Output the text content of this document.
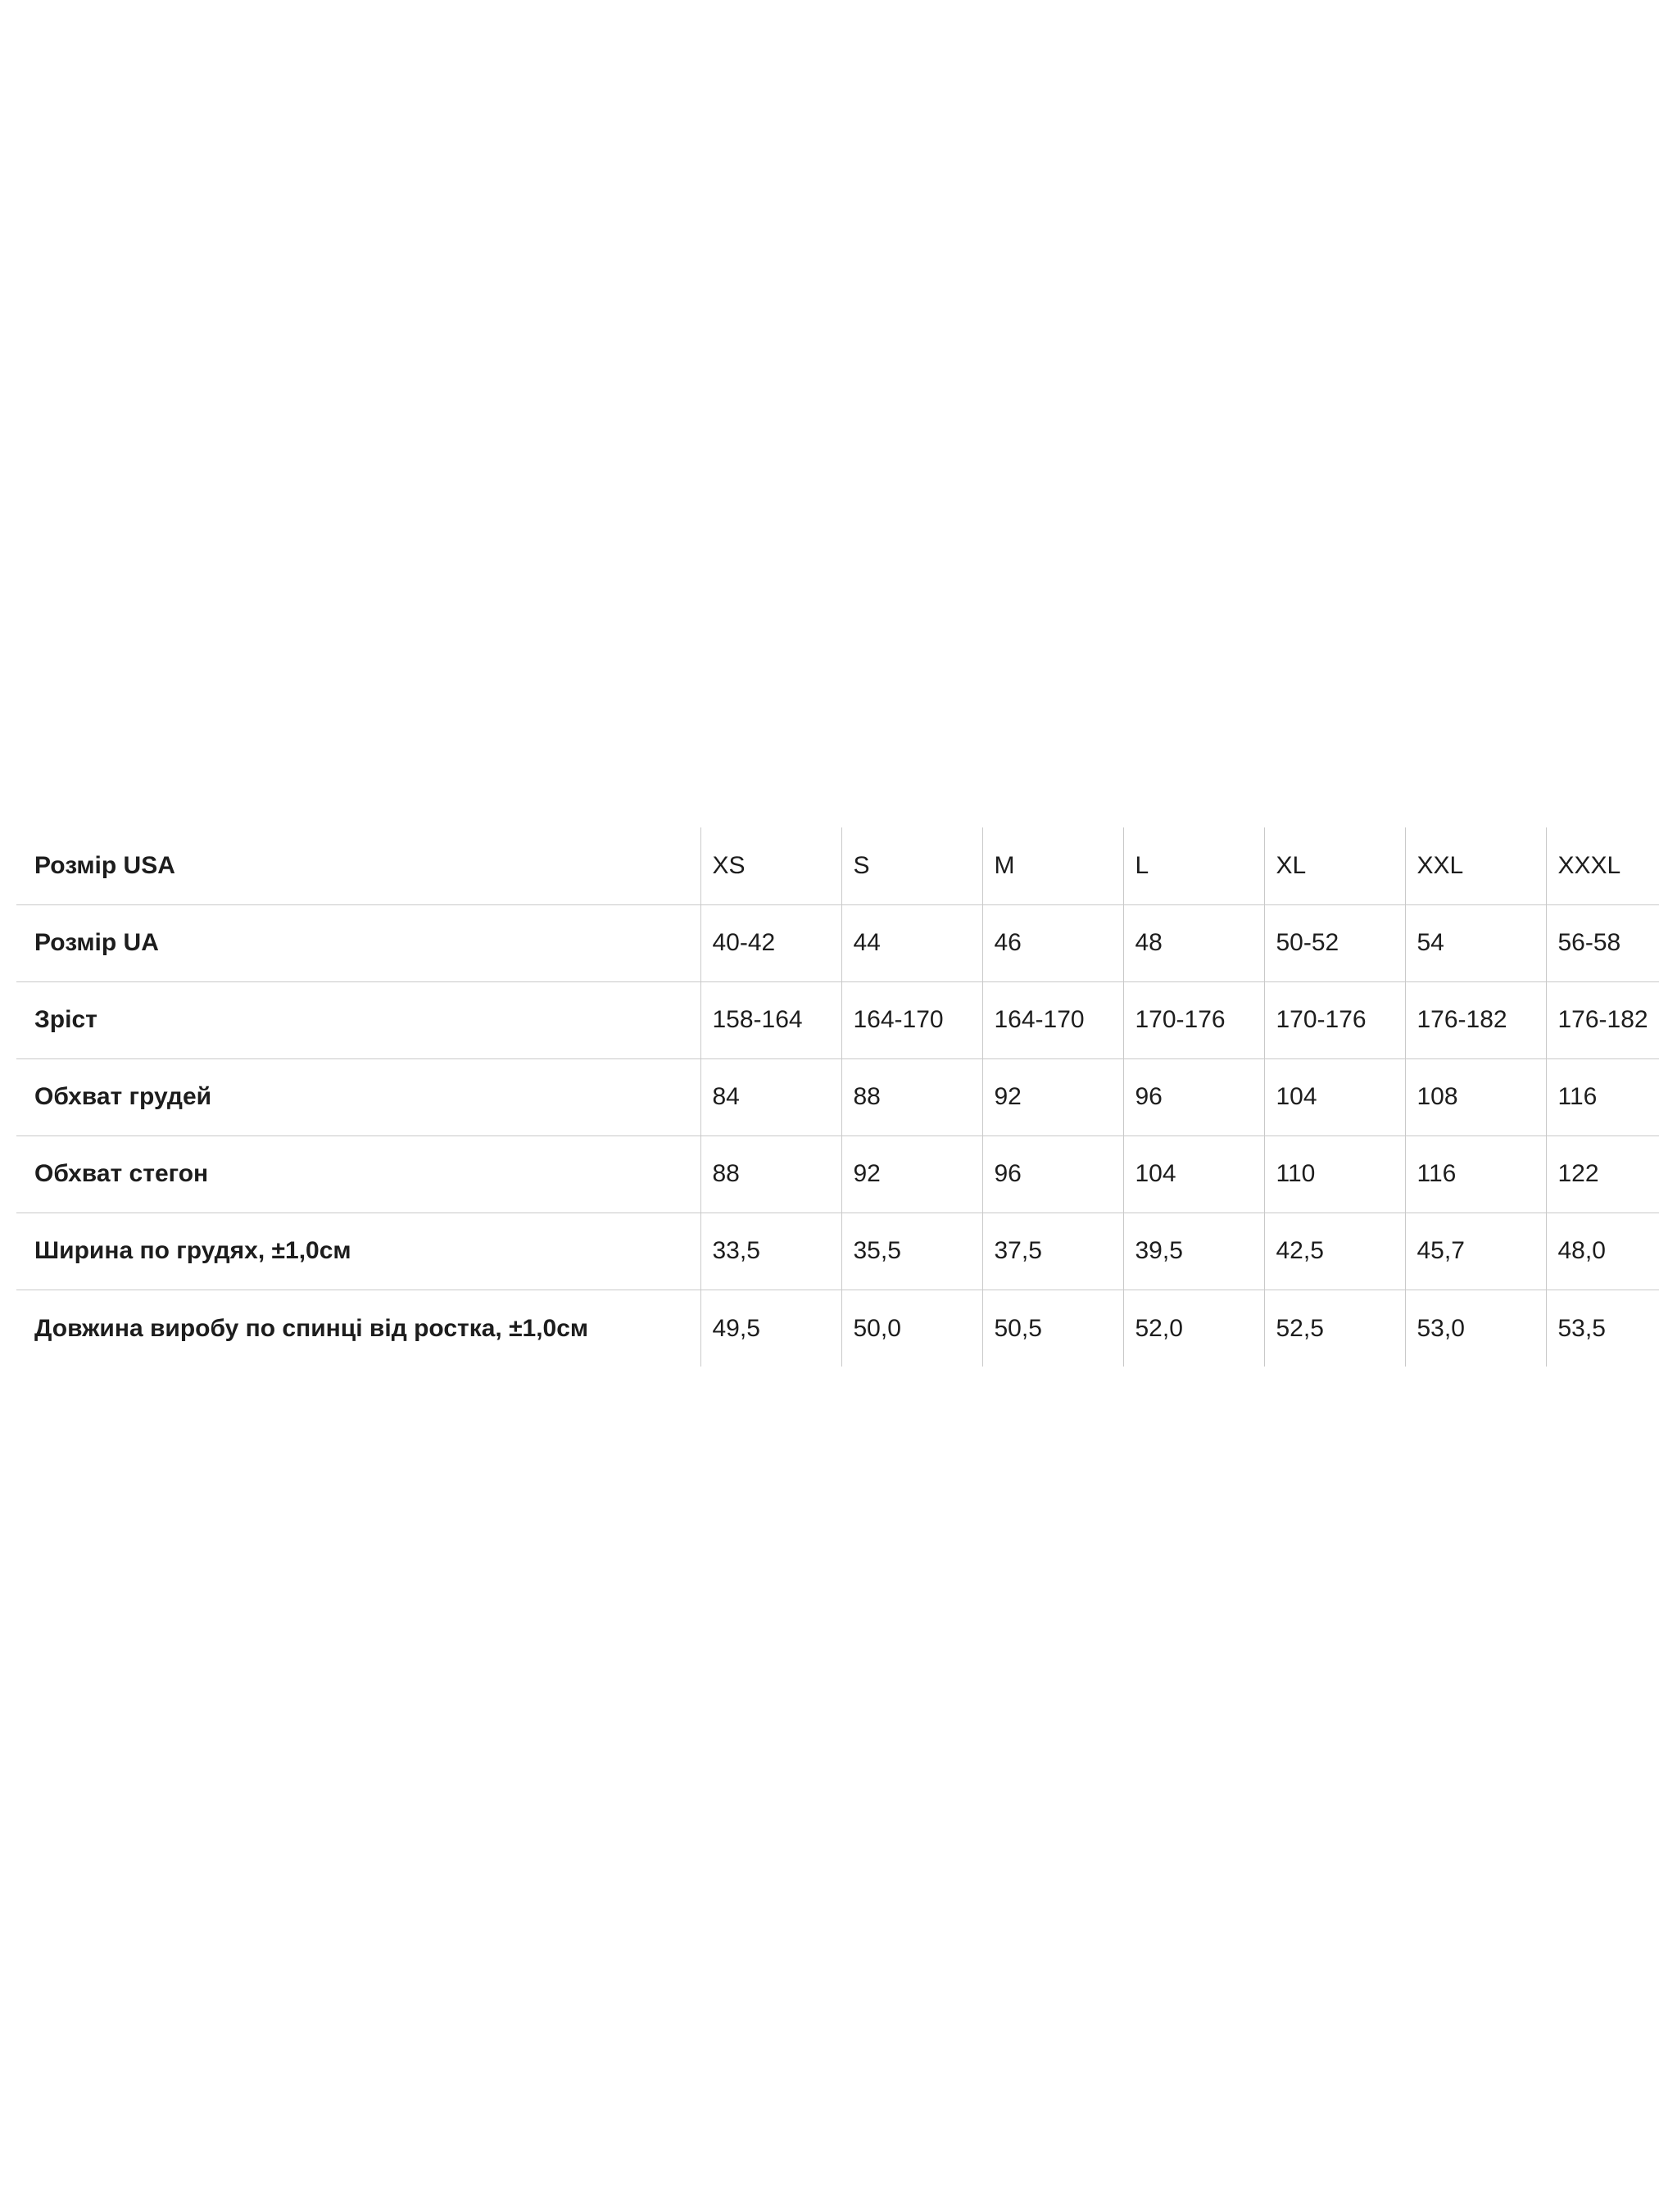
Розмір USA	XS	S	M	L	XL	XXL	XXXL
Розмір UA	40-42	44	46	48	50-52	54	56-58
Зріст	158-164	164-170	164-170	170-176	170-176	176-182	176-182
Обхват грудей	84	88	92	96	104	108	116
Обхват стегон	88	92	96	104	110	116	122
Ширина по грудях, ±1,0см	33,5	35,5	37,5	39,5	42,5	45,7	48,0
Довжина виробу по спинці від ростка, ±1,0см	49,5	50,0	50,5	52,0	52,5	53,0	53,5
